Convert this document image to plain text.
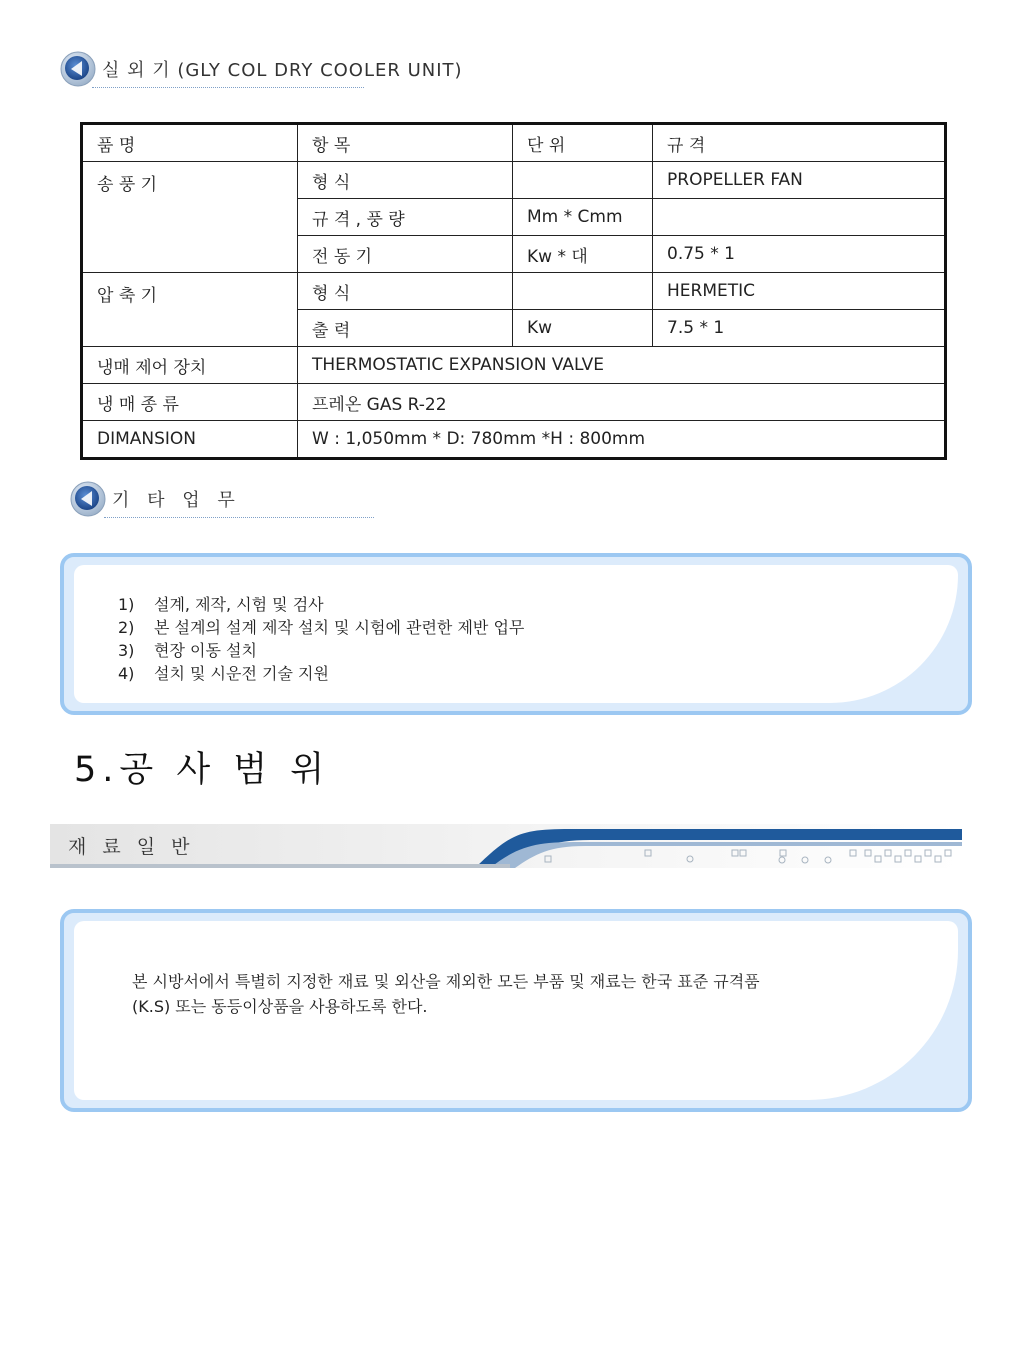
실 외 기 (GLY COL DRY COOLER UNIT)
품 명	항 목	단 위	규 격
송 풍 기	형 식		PROPELLER FAN
	규 격 , 풍 량	Mm * Cmm	
	전 동 기	Kw * 대	0.75 * 1
압 축 기	형 식		HERMETIC
	출 력	Kw	7.5 * 1
냉매 제어 장치	THERMOSTATIC EXPANSION VALVE		
냉 매 종 류	프레온 GAS R-22		
DIMANSION	W : 1,050mm * D: 780mm *H : 800mm		
기 타 업 무
1)	설계, 제작, 시험 및 검사
2)	본 설계의 설계 제작 설치 및 시험에 관련한 제반 업무
3)	현장 이동 설치
4)	설치 및 시운전 기술 지원
5.공 사 범 위
재 료 일 반
본 시방서에서 특별히 지정한 재료 및 외산을 제외한 모든 부품 및 재료는 한국 표준 규격품
(K.S) 또는 동등이상품을 사용하도록 한다.
